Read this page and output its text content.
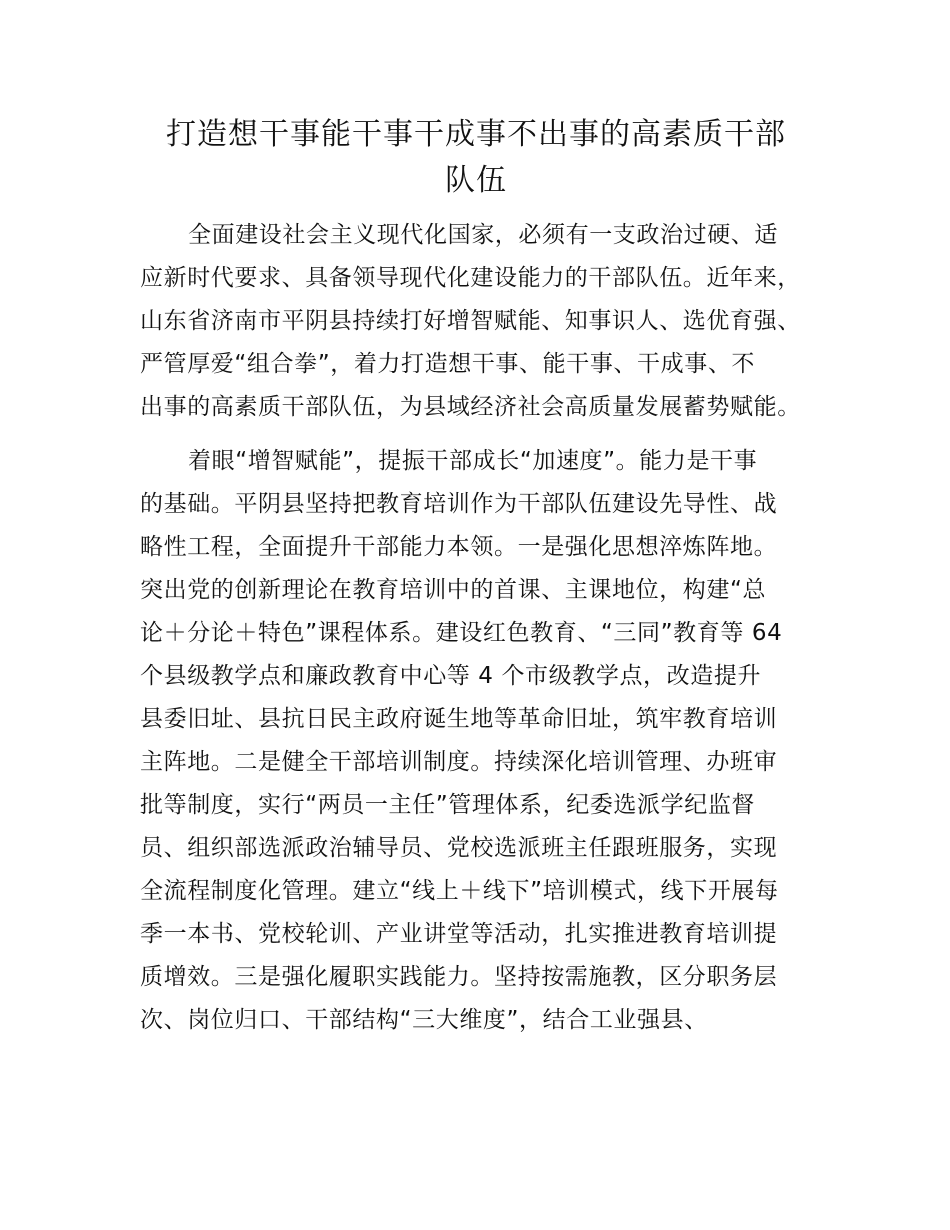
打造想干事能干事干成事不出事的高素质干部
队伍
全面建设社会主义现代化国家，必须有一支政治过硬、适
应新时代要求、具备领导现代化建设能力的干部队伍。近年来，
山东省济南市平阴县持续打好增智赋能、知事识人、选优育强、
严管厚爱“组合拳”，着力打造想干事、能干事、干成事、不
出事的高素质干部队伍，为县域经济社会高质量发展蓄势赋能。
着眼“增智赋能”，提振干部成长“加速度”。能力是干事
的基础。平阴县坚持把教育培训作为干部队伍建设先导性、战
略性工程，全面提升干部能力本领。一是强化思想淬炼阵地。
突出党的创新理论在教育培训中的首课、主课地位，构建“总
论＋分论＋特色”课程体系。建设红色教育、“三同”教育等 64
个县级教学点和廉政教育中心等 4 个市级教学点，改造提升
县委旧址、县抗日民主政府诞生地等革命旧址，筑牢教育培训
主阵地。二是健全干部培训制度。持续深化培训管理、办班审
批等制度，实行“两员一主任”管理体系，纪委选派学纪监督
员、组织部选派政治辅导员、党校选派班主任跟班服务，实现
全流程制度化管理。建立“线上＋线下”培训模式，线下开展每
季一本书、党校轮训、产业讲堂等活动，扎实推进教育培训提
质增效。三是强化履职实践能力。坚持按需施教，区分职务层
次、岗位归口、干部结构“三大维度”，结合工业强县、
